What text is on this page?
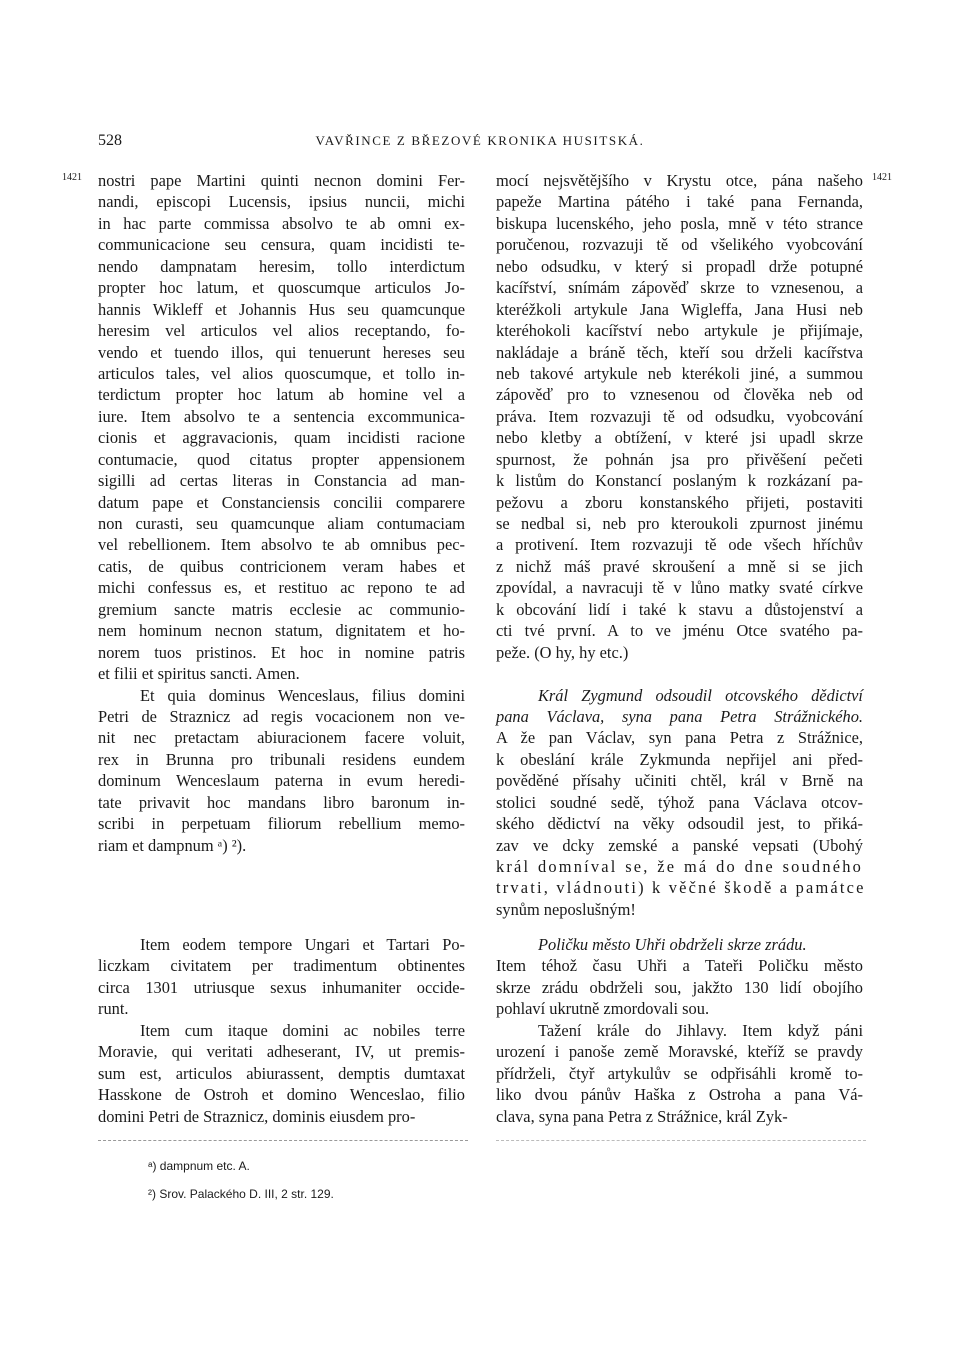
528	VAVŘINCE Z BŘEZOVÉ KRONIKA HUSITSKÁ.
1421	1421
nostri pape Martini quinti necnon domini Fer-
nandi, episcopi Lucensis, ipsius nuncii, michi
in hac parte commissa absolvo te ab omni ex-
communicacione seu censura, quam incidisti te-
nendo dampnatam heresim, tollo interdictum
propter hoc latum, et quoscumque articulos Jo-
hannis Wikleff et Johannis Hus seu quamcunque
heresim vel articulos vel alios receptando, fo-
vendo et tuendo illos, qui tenuerunt hereses seu
articulos tales, vel alios quoscumque, et tollo in-
terdictum propter hoc latum ab homine vel a
iure. Item absolvo te a sentencia excommunica-
cionis et aggravacionis, quam incidisti racione
contumacie, quod citatus propter appensionem
sigilli ad certas literas in Constancia ad man-
datum pape et Constanciensis concilii comparere
non curasti, seu quamcunque aliam contumaciam
vel rebellionem. Item absolvo te ab omnibus pec-
catis, de quibus contricionem veram habes et
michi confessus es, et restituo ac repono te ad
gremium sancte matris ecclesie ac communio-
nem hominum necnon statum, dignitatem et ho-
norem tuos pristinos. Et hoc in nomine patris
et filii et spiritus sancti. Amen.
Et quia dominus Wenceslaus, filius domini
Petri de Straznicz ad regis vocacionem non ve-
nit nec pretactam abiuracionem facere voluit,
rex in Brunna pro tribunali residens eundem
dominum Wenceslaum paterna in evum heredi-
tate privavit hoc mandans libro baronum in-
scribi in perpetuam filiorum rebellium memo-
riam et dampnum ᵃ) ²).
Item eodem tempore Ungari et Tartari Po-
liczkam civitatem per tradimentum obtinentes
circa 1301 utriusque sexus inhumaniter occide-
runt.
Item cum itaque domini ac nobiles terre
Moravie, qui veritati adheserant, IV, ut premis-
sum est, articulos abiurassent, demptis dumtaxat
Hasskone de Ostroh et domino Wenceslao, filio
domini Petri de Straznicz, dominis eiusdem pro-
mocí nejsvětějšího v Krystu otce, pána našeho
papeže Martina pátého i také pana Fernanda,
biskupa lucenského, jeho posla, mně v této strance
poručenou, rozvazuji tě od všelikého vyobcování
nebo odsudku, v který si propadl drže potupné
kacířství, snímám zápověď skrze to vznesenou, a
kteréžkoli artykule Jana Wigleffa, Jana Husi neb
kteréhokoli kacířství nebo artykule je přijímaje,
nakládaje a bráně těch, kteří sou drželi kacířstva
neb takové artykule neb kterékoli jiné, a summou
zápověď pro to vznesenou od člověka neb od
práva. Item rozvazuji tě od odsudku, vyobcování
nebo kletby a obtížení, v které jsi upadl skrze
spurnost, že pohnán jsa pro přivěšení pečeti
k listům do Konstancí poslaným k rozkázaní pa-
pežovu a zboru konstanského přijeti, postaviti
se nedbal si, neb pro kteroukoli zpurnost jinému
a protivení. Item rozvazuji tě ode všech hříchův
z nichž máš pravé skroušení a mně si se jich
zpovídal, a navracuji tě v lůno matky svaté církve
k obcování lidí i také k stavu a důstojenství a
cti tvé první. A to ve jménu Otce svatého pa-
peže. (O hy, hy etc.)
Král Zygmund odsoudil otcovského dědictví
pana Václava, syna pana Petra Strážnického.
A že pan Václav, syn pana Petra z Strážnice,
k obeslání krále Zykmunda nepřijel ani před-
pověděné přísahy učiniti chtěl, král v Brně na
stolici soudné sedě, týhož pana Václava otcov-
ského dědictví na věky odsoudil jest, to přiká-
zav ve dcky zemské a panské vepsati (Ubohý
král domníval se, že má do dne soudného
trvati, vládnouti) k věčné škodě a památce
synům neposlušným!
Poličku město Uhři obdrželi skrze zrádu.
Item téhož času Uhři a Tateři Poličku město
skrze zrádu obdrželi sou, jakžto 130 lidí obojího
pohlaví ukrutně zmordovali sou.
Tažení krále do Jihlavy. Item když páni
urození i panoše země Moravské, kteříž se pravdy
přídrželi, čtyř artykulův se odpřisáhli kromě to-
liko dvou pánův Haška z Ostroha a pana Vá-
clava, syna pana Petra z Strážnice, král Zyk-
ᵃ) dampnum etc. A.
²) Srov. Palackého D. III, 2 str. 129.
